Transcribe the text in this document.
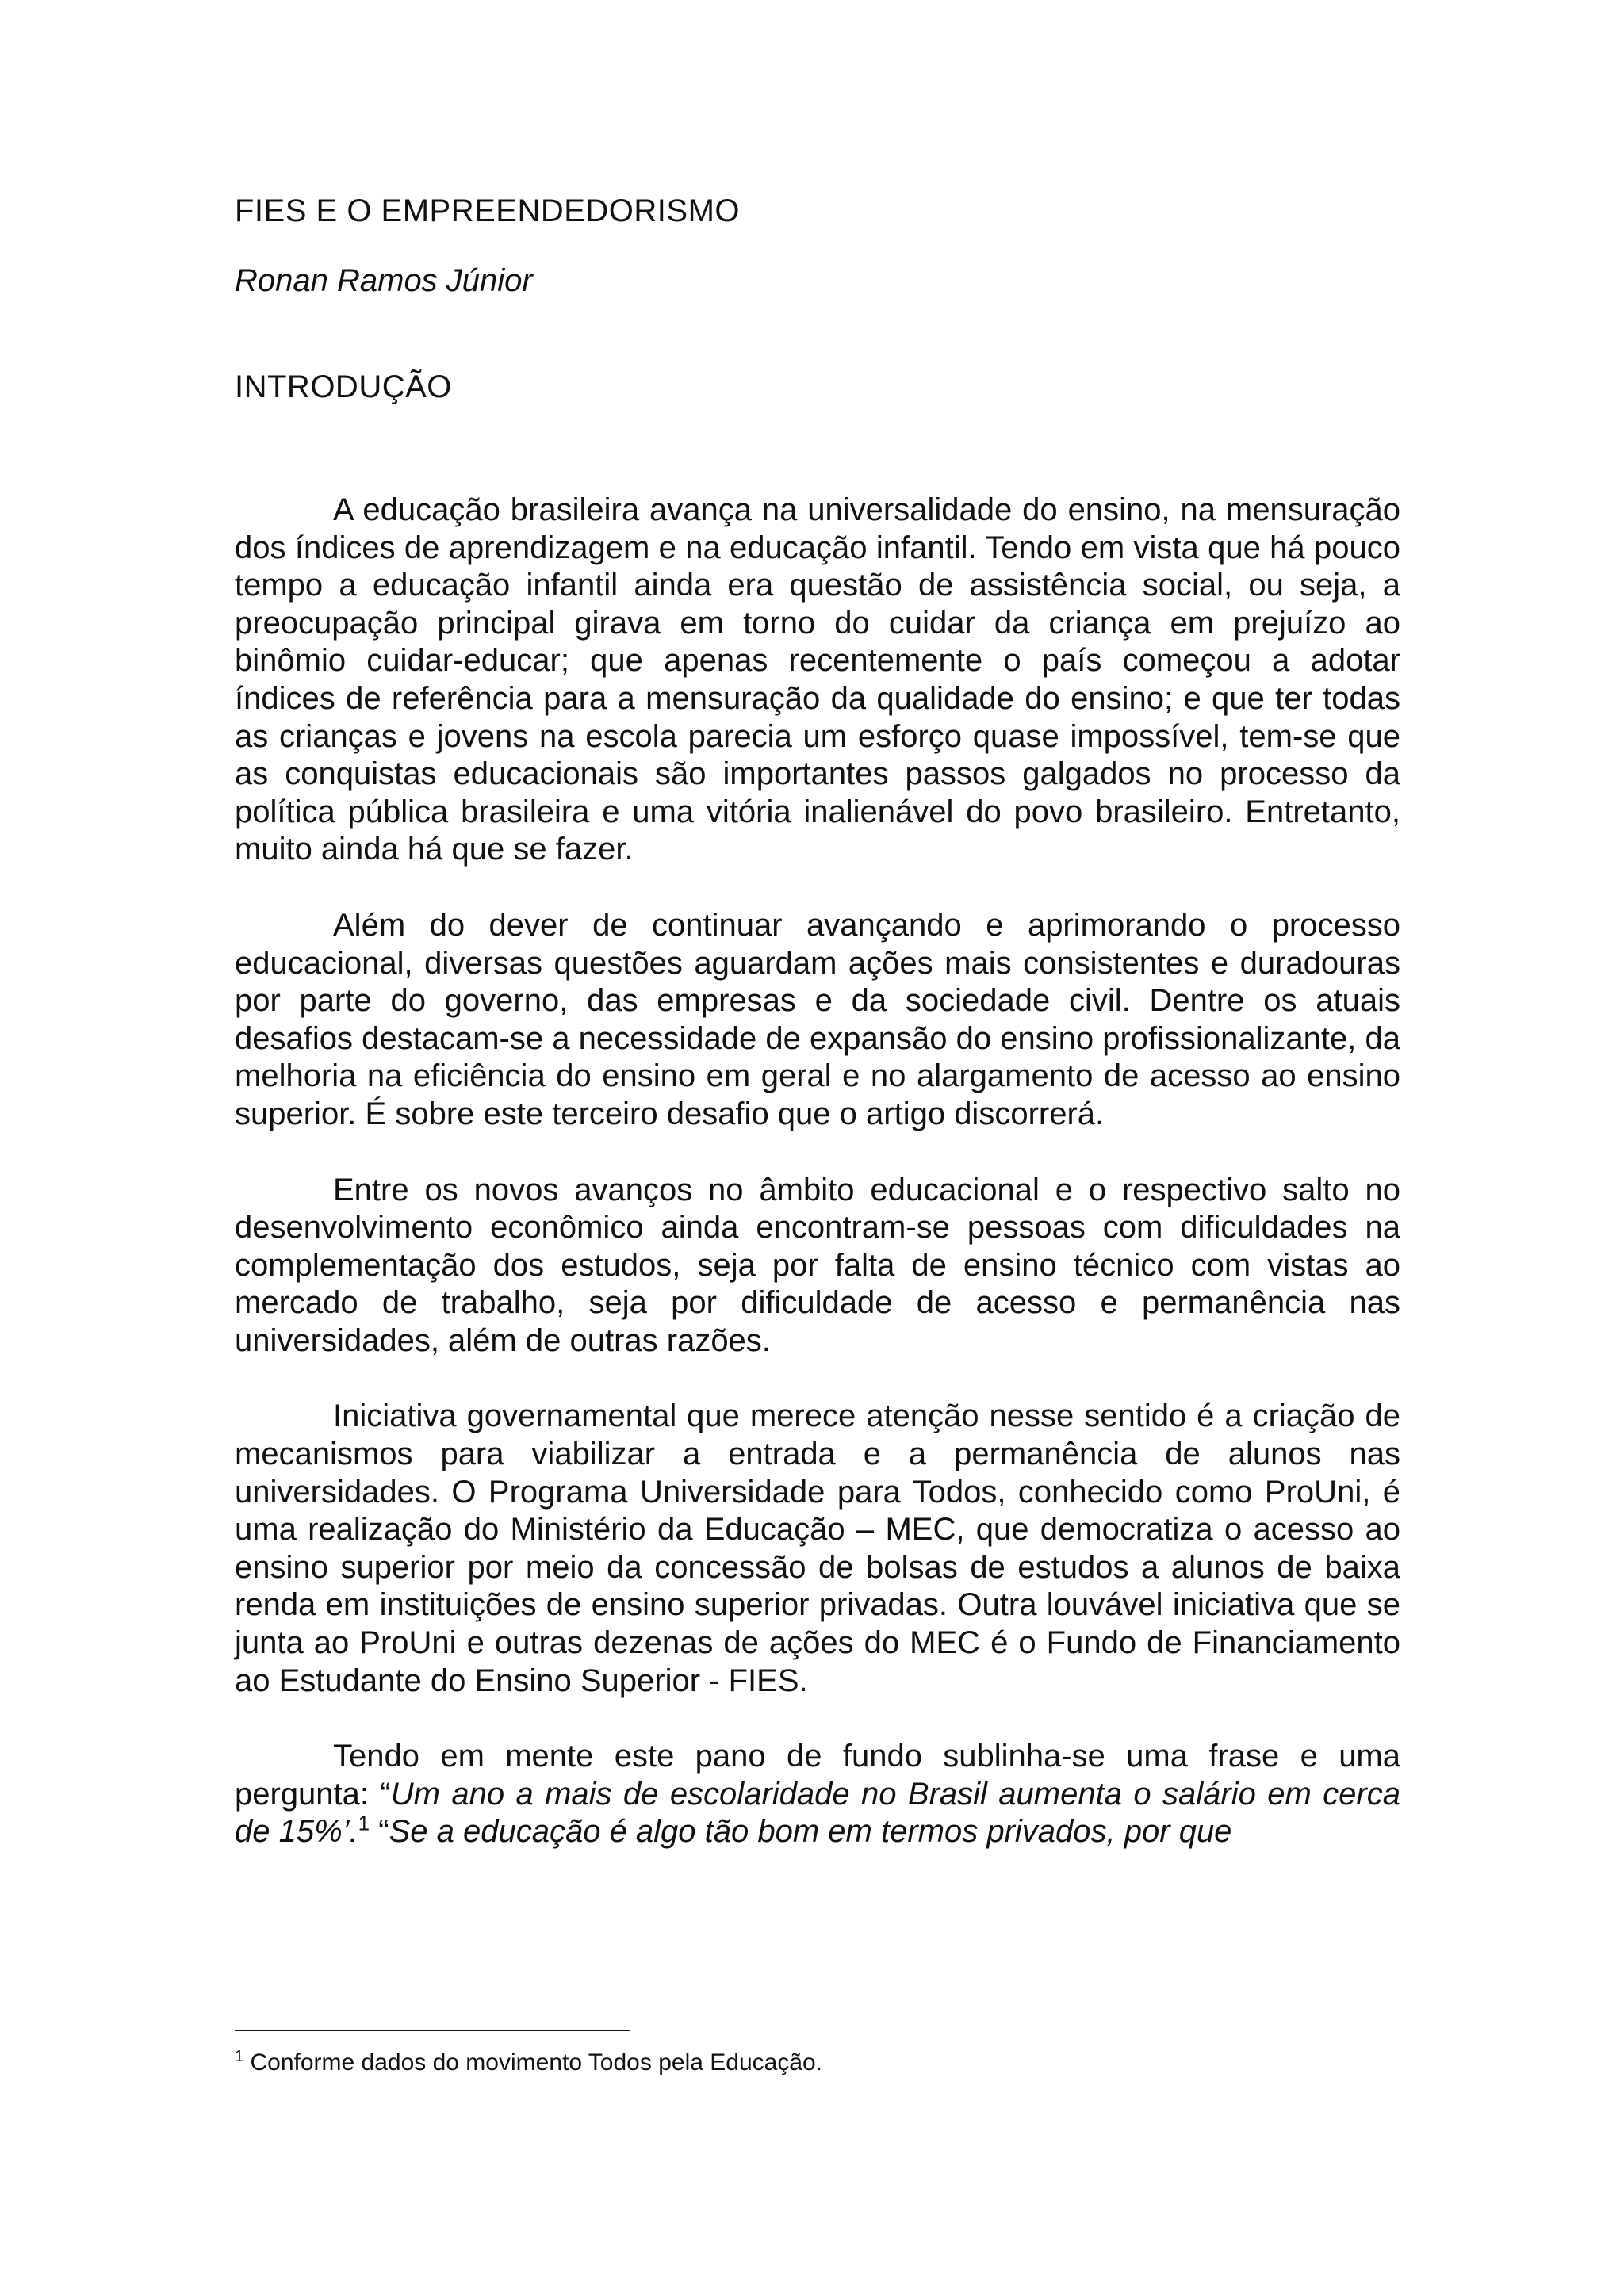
FIES E O EMPREENDEDORISMO

Ronan Ramos Júnior

INTRODUÇÃO

A educação brasileira avança na universalidade do ensino, na mensuração dos índices de aprendizagem e na educação infantil. Tendo em vista que há pouco tempo a educação infantil ainda era questão de assistência social, ou seja, a preocupação principal girava em torno do cuidar da criança em prejuízo ao binômio cuidar-educar; que apenas recentemente o país começou a adotar índices de referência para a mensuração da qualidade do ensino; e que ter todas as crianças e jovens na escola parecia um esforço quase impossível, tem-se que as conquistas educacionais são importantes passos galgados no processo da política pública brasileira e uma vitória inalienável do povo brasileiro. Entretanto, muito ainda há que se fazer.

Além do dever de continuar avançando e aprimorando o processo educacional, diversas questões aguardam ações mais consistentes e duradouras por parte do governo, das empresas e da sociedade civil. Dentre os atuais desafios destacam-se a necessidade de expansão do ensino profissionalizante, da melhoria na eficiência do ensino em geral e no alargamento de acesso ao ensino superior. É sobre este terceiro desafio que o artigo discorrerá.

Entre os novos avanços no âmbito educacional e o respectivo salto no desenvolvimento econômico ainda encontram-se pessoas com dificuldades na complementação dos estudos, seja por falta de ensino técnico com vistas ao mercado de trabalho, seja por dificuldade de acesso e permanência nas universidades, além de outras razões.

Iniciativa governamental que merece atenção nesse sentido é a criação de mecanismos para viabilizar a entrada e a permanência de alunos nas universidades. O Programa Universidade para Todos, conhecido como ProUni, é uma realização do Ministério da Educação – MEC, que democratiza o acesso ao ensino superior por meio da concessão de bolsas de estudos a alunos de baixa renda em instituições de ensino superior privadas. Outra louvável iniciativa que se junta ao ProUni e outras dezenas de ações do MEC é o Fundo de Financiamento ao Estudante do Ensino Superior - FIES.

Tendo em mente este pano de fundo sublinha-se uma frase e uma pergunta: “Um ano a mais de escolaridade no Brasil aumenta o salário em cerca de 15%’.$^1$ “Se a educação é algo tão bom em termos privados, por que

$^1$ Conforme dados do movimento Todos pela Educação.
